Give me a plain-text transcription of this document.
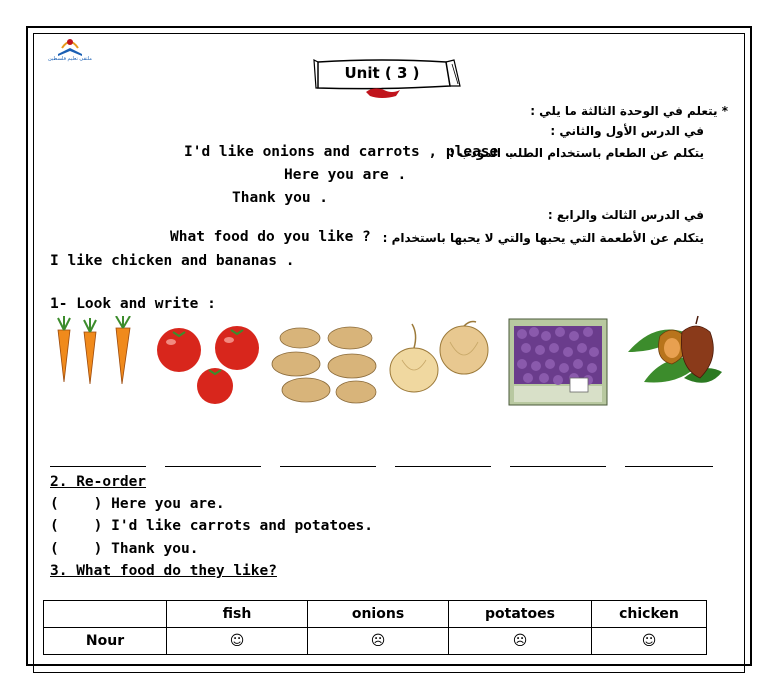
ملتقى تعليم فلسطين
Unit ( 3 )
* يتعلم في الوحدة الثالثة ما يلي :
في الدرس الأول والثاني :
يتكلم عن الطعام باستخدام الطلب المؤدب :
I'd like onions and carrots , please .
Here you are .
Thank you .
في الدرس الثالث والرابع :
يتكلم عن الأطعمة التي يحبها والتي لا يحبها باستخدام :
What food do you like ?
I like chicken and bananas .
1- Look and write :
2. Re-order
(    ) Here you are.
(    ) I'd like carrots and potatoes.
(    ) Thank you.
3. What food do they like?
	fish	onions	potatoes	chicken
Nour	☺	☹	☹	☺
